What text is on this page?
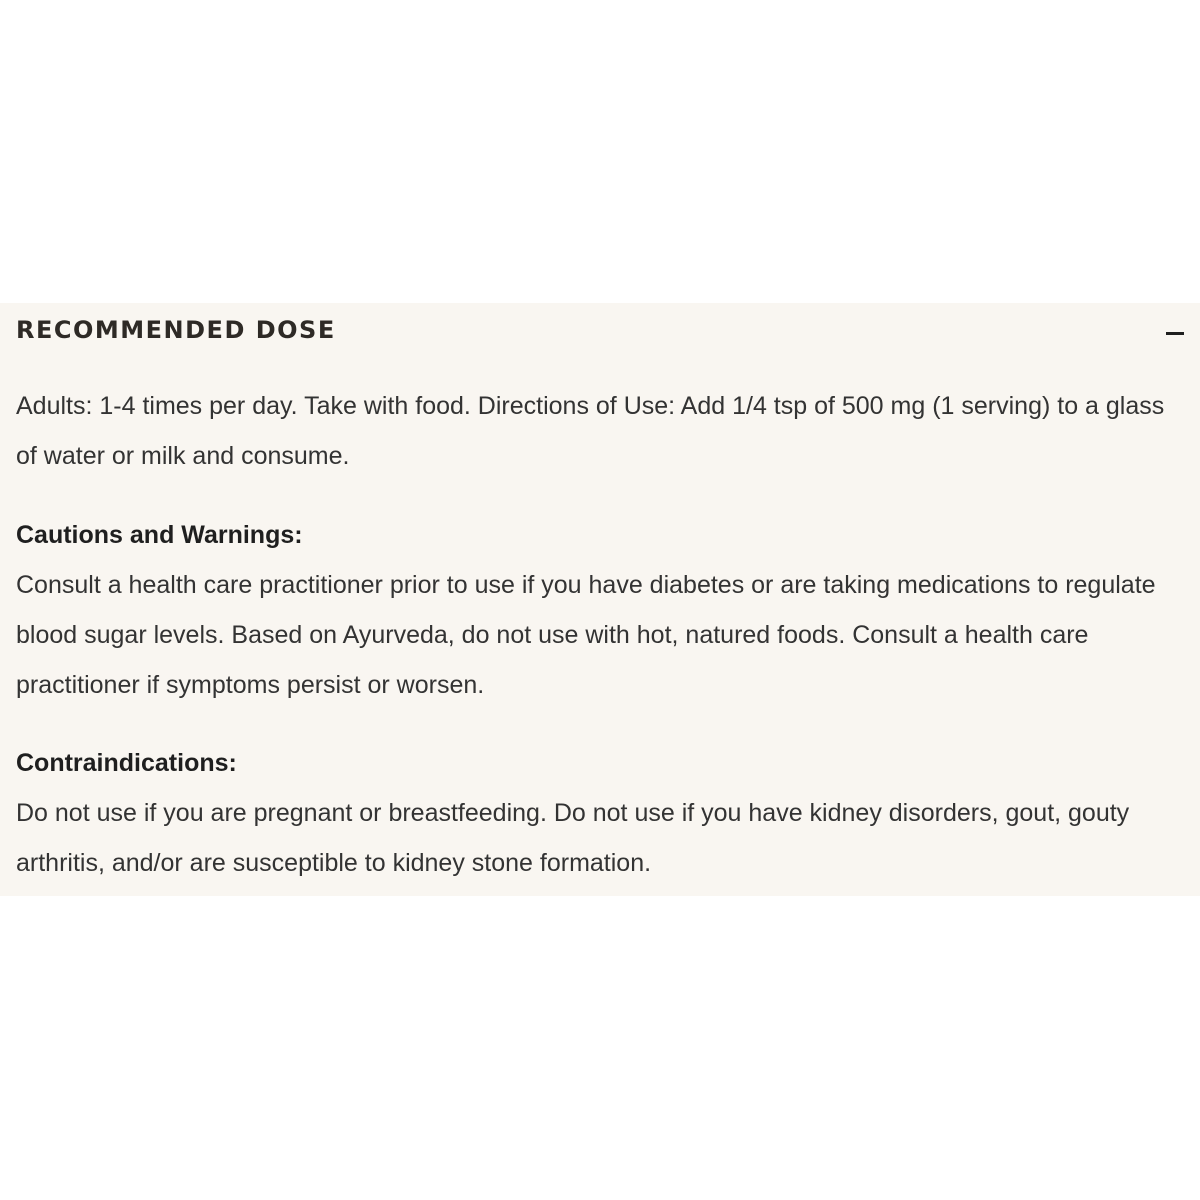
RECOMMENDED DOSE

Adults: 1-4 times per day. Take with food. Directions of Use: Add 1/4 tsp of 500 mg (1 serving) to a glass of water or milk and consume.

Cautions and Warnings:

Consult a health care practitioner prior to use if you have diabetes or are taking medications to regulate blood sugar levels. Based on Ayurveda, do not use with hot, natured foods. Consult a health care practitioner if symptoms persist or worsen.

Contraindications:

Do not use if you are pregnant or breastfeeding. Do not use if you have kidney disorders, gout, gouty arthritis, and/or are susceptible to kidney stone formation.
